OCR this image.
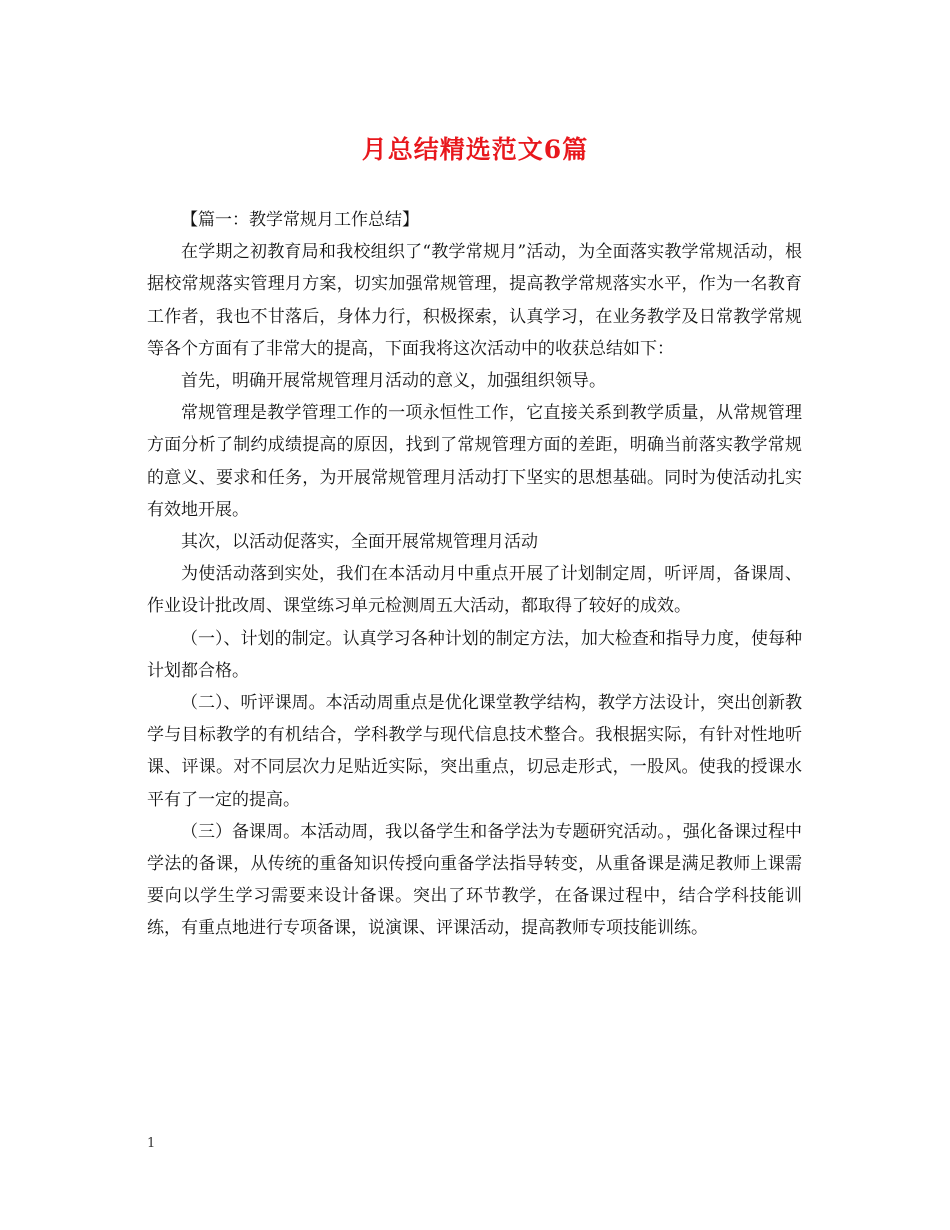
月总结精选范文6篇

【篇一：教学常规月工作总结】

在学期之初教育局和我校组织了“教学常规月”活动，为全面落实教学常规活动，根据校常规落实管理月方案，切实加强常规管理，提高教学常规落实水平，作为一名教育工作者，我也不甘落后，身体力行，积极探索，认真学习，在业务教学及日常教学常规等各个方面有了非常大的提高，下面我将这次活动中的收获总结如下：

首先，明确开展常规管理月活动的意义，加强组织领导。

常规管理是教学管理工作的一项永恒性工作，它直接关系到教学质量，从常规管理方面分析了制约成绩提高的原因，找到了常规管理方面的差距，明确当前落实教学常规的意义、要求和任务，为开展常规管理月活动打下坚实的思想基础。同时为使活动扎实有效地开展。

其次，以活动促落实，全面开展常规管理月活动

为使活动落到实处，我们在本活动月中重点开展了计划制定周，听评周，备课周、作业设计批改周、课堂练习单元检测周五大活动，都取得了较好的成效。

（一）、计划的制定。认真学习各种计划的制定方法，加大检查和指导力度，使每种计划都合格。

（二）、听评课周。本活动周重点是优化课堂教学结构，教学方法设计，突出创新教学与目标教学的有机结合，学科教学与现代信息技术整合。我根据实际，有针对性地听课、评课。对不同层次力足贴近实际，突出重点，切忌走形式，一股风。使我的授课水平有了一定的提高。

（三）备课周。本活动周，我以备学生和备学法为专题研究活动。，强化备课过程中学法的备课，从传统的重备知识传授向重备学法指导转变，从重备课是满足教师上课需要向以学生学习需要来设计备课。突出了环节教学，在备课过程中，结合学科技能训练，有重点地进行专项备课，说演课、评课活动，提高教师专项技能训练。

1
